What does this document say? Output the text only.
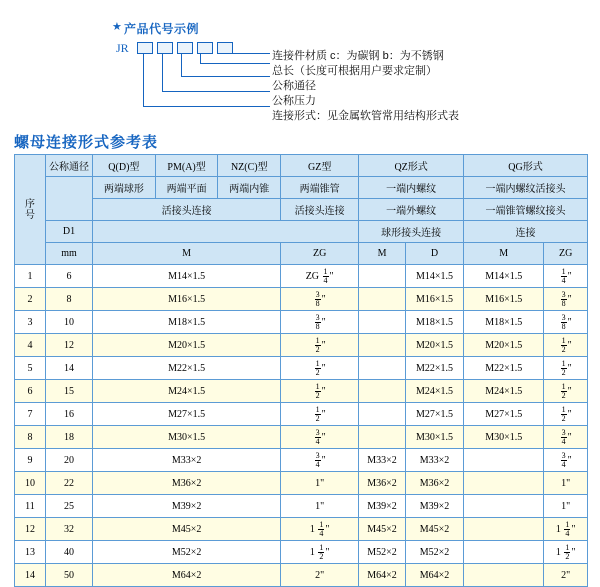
★ 产品代号示例
JR
连接件材质 c：为碳钢 b：为不锈钢
总长（长度可根据用户要求定制）
公称通径
公称压力
连接形式：见金属软管常用结构形式表
螺母连接形式参考表
序
号	公称通径	Q(D)型	PM(A)型	NZ(C)型	GZ型	QZ形式		QG形式	
		两端球形	两端平面	两端内锥	两端锥管	一端内螺纹		一端内螺纹活接头	
		活接头连接			活接头连接	一端外螺纹		一端锥管螺纹接头	
	D1					球形接头连接		连接	
	mm	M			ZG	M	D	M	ZG
1	6	M14×1.5			ZG $\frac{1}{4}$ "		M14×1.5	M14×1.5	$\frac{1}{4}$ "
2	8	M16×1.5			$\frac{3}{8}$ "		M16×1.5	M16×1.5	$\frac{3}{8}$ "
3	10	M18×1.5			$\frac{3}{8}$ "		M18×1.5	M18×1.5	$\frac{3}{8}$ "
4	12	M20×1.5			$\frac{1}{2}$ "		M20×1.5	M20×1.5	$\frac{1}{2}$ "
5	14	M22×1.5			$\frac{1}{2}$ "		M22×1.5	M22×1.5	$\frac{1}{2}$ "
6	15	M24×1.5			$\frac{1}{2}$ "		M24×1.5	M24×1.5	$\frac{1}{2}$ "
7	16	M27×1.5			$\frac{1}{2}$ "		M27×1.5	M27×1.5	$\frac{1}{2}$ "
8	18	M30×1.5			$\frac{3}{4}$ "		M30×1.5	M30×1.5	$\frac{3}{4}$ "
9	20	M33×2			$\frac{3}{4}$ "	M33×2	M33×2		$\frac{3}{4}$ "
10	22	M36×2			1"	M36×2	M36×2		1"
11	25	M39×2			1"	M39×2	M39×2		1"
12	32	M45×2			$1 \frac{1}{4}$ "	M45×2	M45×2		$1 \frac{1}{4}$ "
13	40	M52×2			$1 \frac{1}{2}$ "	M52×2	M52×2		$1 \frac{1}{2}$ "
14	50	M64×2			2"	M64×2	M64×2		2"
